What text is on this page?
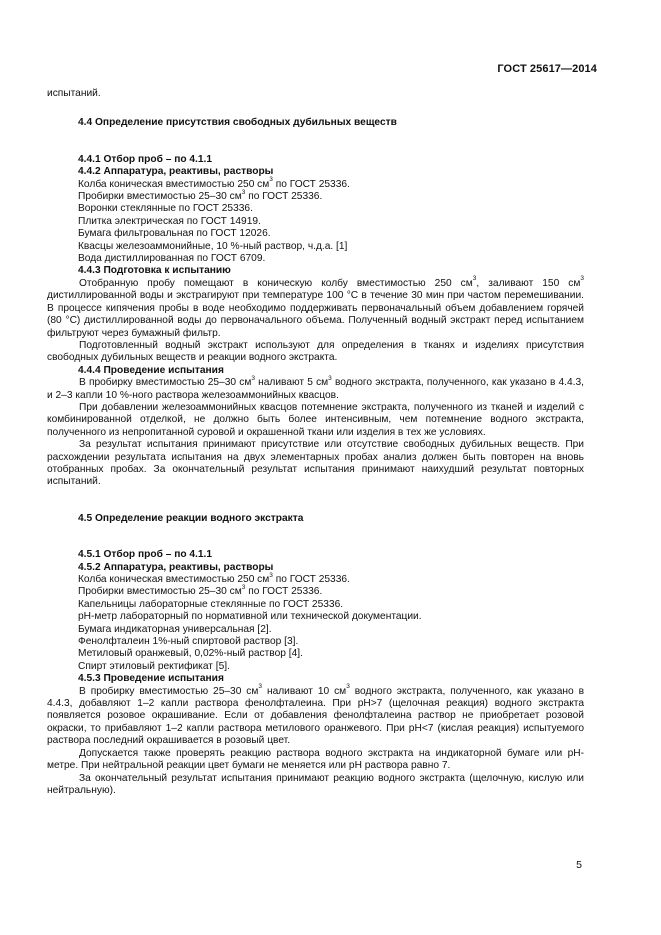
ГОСТ 25617—2014

испытаний.

4.4 Определение присутствия свободных дубильных веществ

4.4.1 Отбор проб – по 4.1.1

4.4.2 Аппаратура, реактивы, растворы

Колба коническая вместимостью 250 $см^3$ по ГОСТ 25336.

Пробирки вместимостью 25–30 $см^3$ по ГОСТ 25336.

Воронки стеклянные по ГОСТ 25336.

Плитка электрическая по ГОСТ 14919.

Бумага фильтровальная по ГОСТ 12026.

Квасцы железоаммонийные, 10 %-ный раствор, ч.д.а. [1]

Вода дистиллированная по ГОСТ 6709.

4.4.3 Подготовка к испытанию

Отобранную пробу помещают в коническую колбу вместимостью 250 $см^3$, заливают 150 $см^3$ дистиллированной воды и экстрагируют при температуре 100 °С в течение 30 мин при частом перемешивании. В процессе кипячения пробы в воде необходимо поддерживать первоначальный объем добавлением горячей (80 °С) дистиллированной воды до первоначального объема. Полученный водный экстракт перед испытанием фильтруют через бумажный фильтр.

Подготовленный водный экстракт используют для определения в тканях и изделиях присутствия свободных дубильных веществ и реакции водного экстракта.

4.4.4 Проведение испытания

В пробирку вместимостью 25–30 $см^3$ наливают 5 $см^3$ водного экстракта, полученного, как указано в 4.4.3, и 2–3 капли 10 %-ного раствора железоаммонийных квасцов.

При добавлении железоаммонийных квасцов потемнение экстракта, полученного из тканей и изделий с комбинированной отделкой, не должно быть более интенсивным, чем потемнение водного экстракта, полученного из непропитанной суровой и окрашенной ткани или изделия в тех же условиях.

За результат испытания принимают присутствие или отсутствие свободных дубильных веществ. При расхождении результата испытания на двух элементарных пробах анализ должен быть повторен на вновь отобранных пробах. За окончательный результат испытания принимают наихудший результат повторных испытаний.

4.5 Определение реакции водного экстракта

4.5.1 Отбор проб – по 4.1.1

4.5.2 Аппаратура, реактивы, растворы

Колба коническая вместимостью 250 $см^3$ по ГОСТ 25336.

Пробирки вместимостью 25–30 $см^3$ по ГОСТ 25336.

Капельницы лабораторные стеклянные по ГОСТ 25336.

pH-метр лабораторный по нормативной или технической документации.

Бумага индикаторная универсальная [2].

Фенолфталеин 1%-ный спиртовой раствор [3].

Метиловый оранжевый, 0,02%-ный раствор [4].

Спирт этиловый ректификат [5].

4.5.3 Проведение испытания

В пробирку вместимостью 25–30 $см^3$ наливают 10 $см^3$ водного экстракта, полученного, как указано в 4.4.3, добавляют 1–2 капли раствора фенолфталеина. При pH>7 (щелочная реакция) водного экстракта появляется розовое окрашивание. Если от добавления фенолфталеина раствор не приобретает розовой окраски, то прибавляют 1–2 капли раствора метилового оранжевого. При pH<7 (кислая реакция) испытуемого раствора последний окрашивается в розовый цвет.

Допускается также проверять реакцию раствора водного экстракта на индикаторной бумаге или pH-метре. При нейтральной реакции цвет бумаги не меняется или pH раствора равно 7.

За окончательный результат испытания принимают реакцию водного экстракта (щелочную, кислую или нейтральную).

5
